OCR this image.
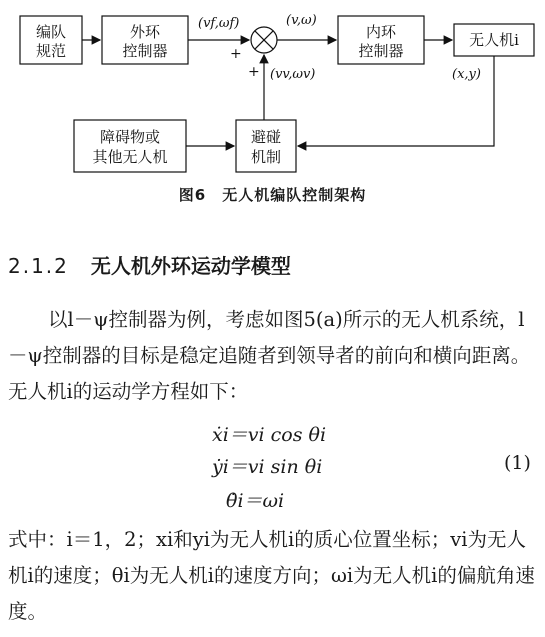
编队
规范
外环
控制器
内环
控制器
无人机i
障碍物或
其他无人机
避碰
机制
(vf,ωf)	(v,ω)
(vv,ωv)	(x,y)
+
+
图6　无人机编队控制架构
2.1.2 无人机外环运动学模型
以l－ψ控制器为例，考虑如图5(a)所示的无人机系统，l－ψ控制器的目标是稳定追随者到领导者的前向和横向距离。无人机i的运动学方程如下：
ẋi＝vi cos θi
ẏi＝vi sin θi
θ̇i＝ωi
(1)
式中：i＝1，2；xi和yi为无人机i的质心位置坐标；vi为无人机i的速度；θi为无人机i的速度方向；ωi为无人机i的偏航角速度。
